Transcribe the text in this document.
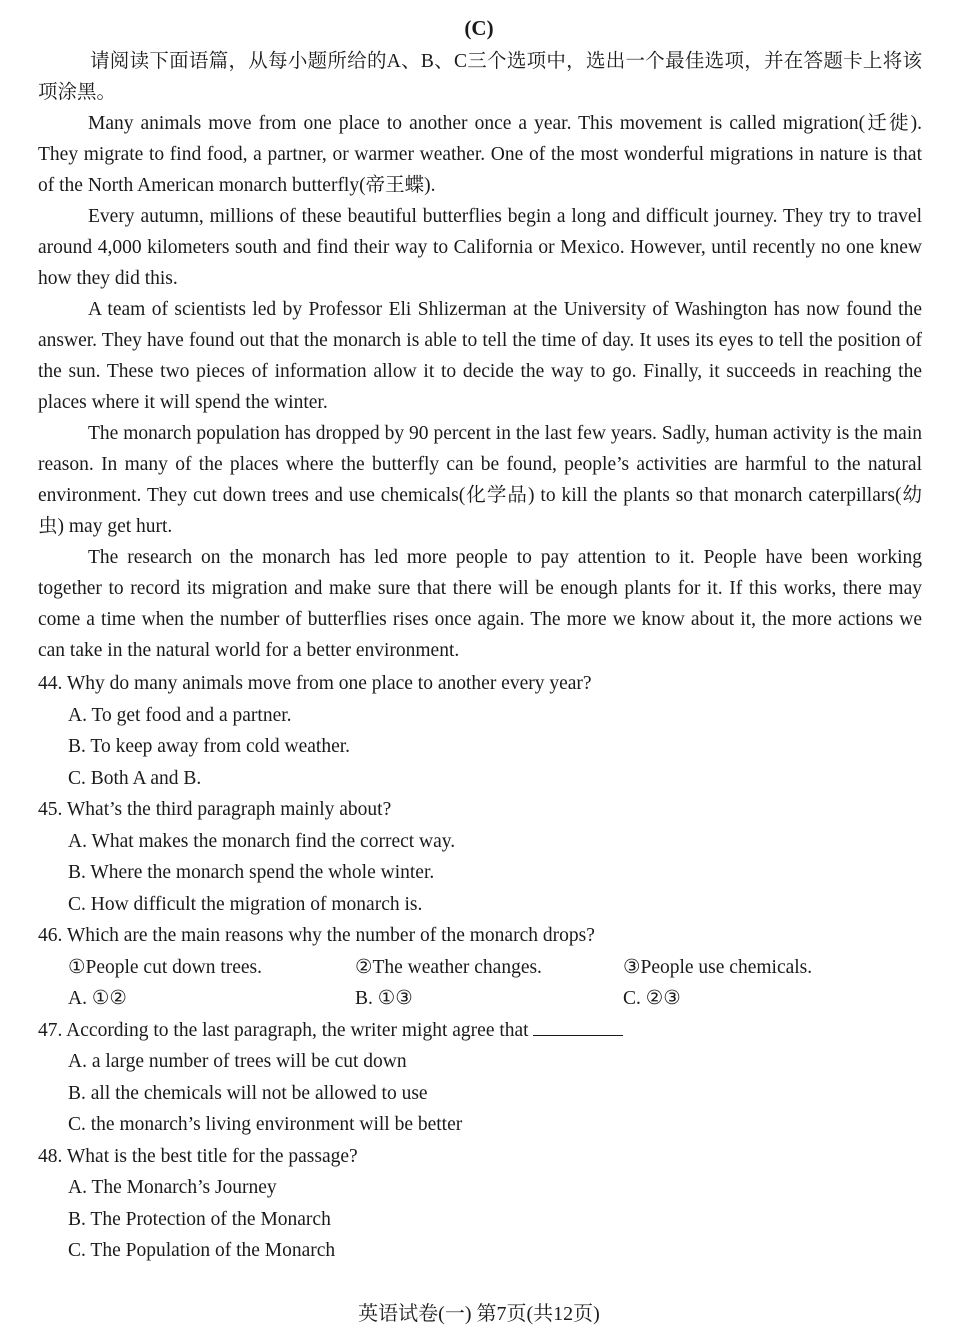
(C)

请阅读下面语篇，从每小题所给的A、B、C三个选项中，选出一个最佳选项，并在答题卡上将该项涂黑。

Many animals move from one place to another once a year. This movement is called migration(迁徙). They migrate to find food, a partner, or warmer weather. One of the most wonderful migrations in nature is that of the North American monarch butterfly(帝王蝶).

Every autumn, millions of these beautiful butterflies begin a long and difficult journey. They try to travel around 4,000 kilometers south and find their way to California or Mexico. However, until recently no one knew how they did this.

A team of scientists led by Professor Eli Shlizerman at the University of Washington has now found the answer. They have found out that the monarch is able to tell the time of day. It uses its eyes to tell the position of the sun. These two pieces of information allow it to decide the way to go. Finally, it succeeds in reaching the places where it will spend the winter.

The monarch population has dropped by 90 percent in the last few years. Sadly, human activity is the main reason. In many of the places where the butterfly can be found, people’s activities are harmful to the natural environment. They cut down trees and use chemicals(化学品) to kill the plants so that monarch caterpillars(幼虫) may get hurt.

The research on the monarch has led more people to pay attention to it. People have been working together to record its migration and make sure that there will be enough plants for it. If this works, there may come a time when the number of butterflies rises once again. The more we know about it, the more actions we can take in the natural world for a better environment.

44. Why do many animals move from one place to another every year?

A. To get food and a partner.

B. To keep away from cold weather.

C. Both A and B.

45. What’s the third paragraph mainly about?

A. What makes the monarch find the correct way.

B. Where the monarch spend the whole winter.

C. How difficult the migration of monarch is.

46. Which are the main reasons why the number of the monarch drops?

①People cut down trees.	②The weather changes.	③People use chemicals.
A. ①②	B. ①③	C. ②③

47. According to the last paragraph, the writer might agree that

A. a large number of trees will be cut down

B. all the chemicals will not be allowed to use

C. the monarch’s living environment will be better

48. What is the best title for the passage?

A. The Monarch’s Journey

B. The Protection of the Monarch

C. The Population of the Monarch

英语试卷(一) 第7页(共12页)
